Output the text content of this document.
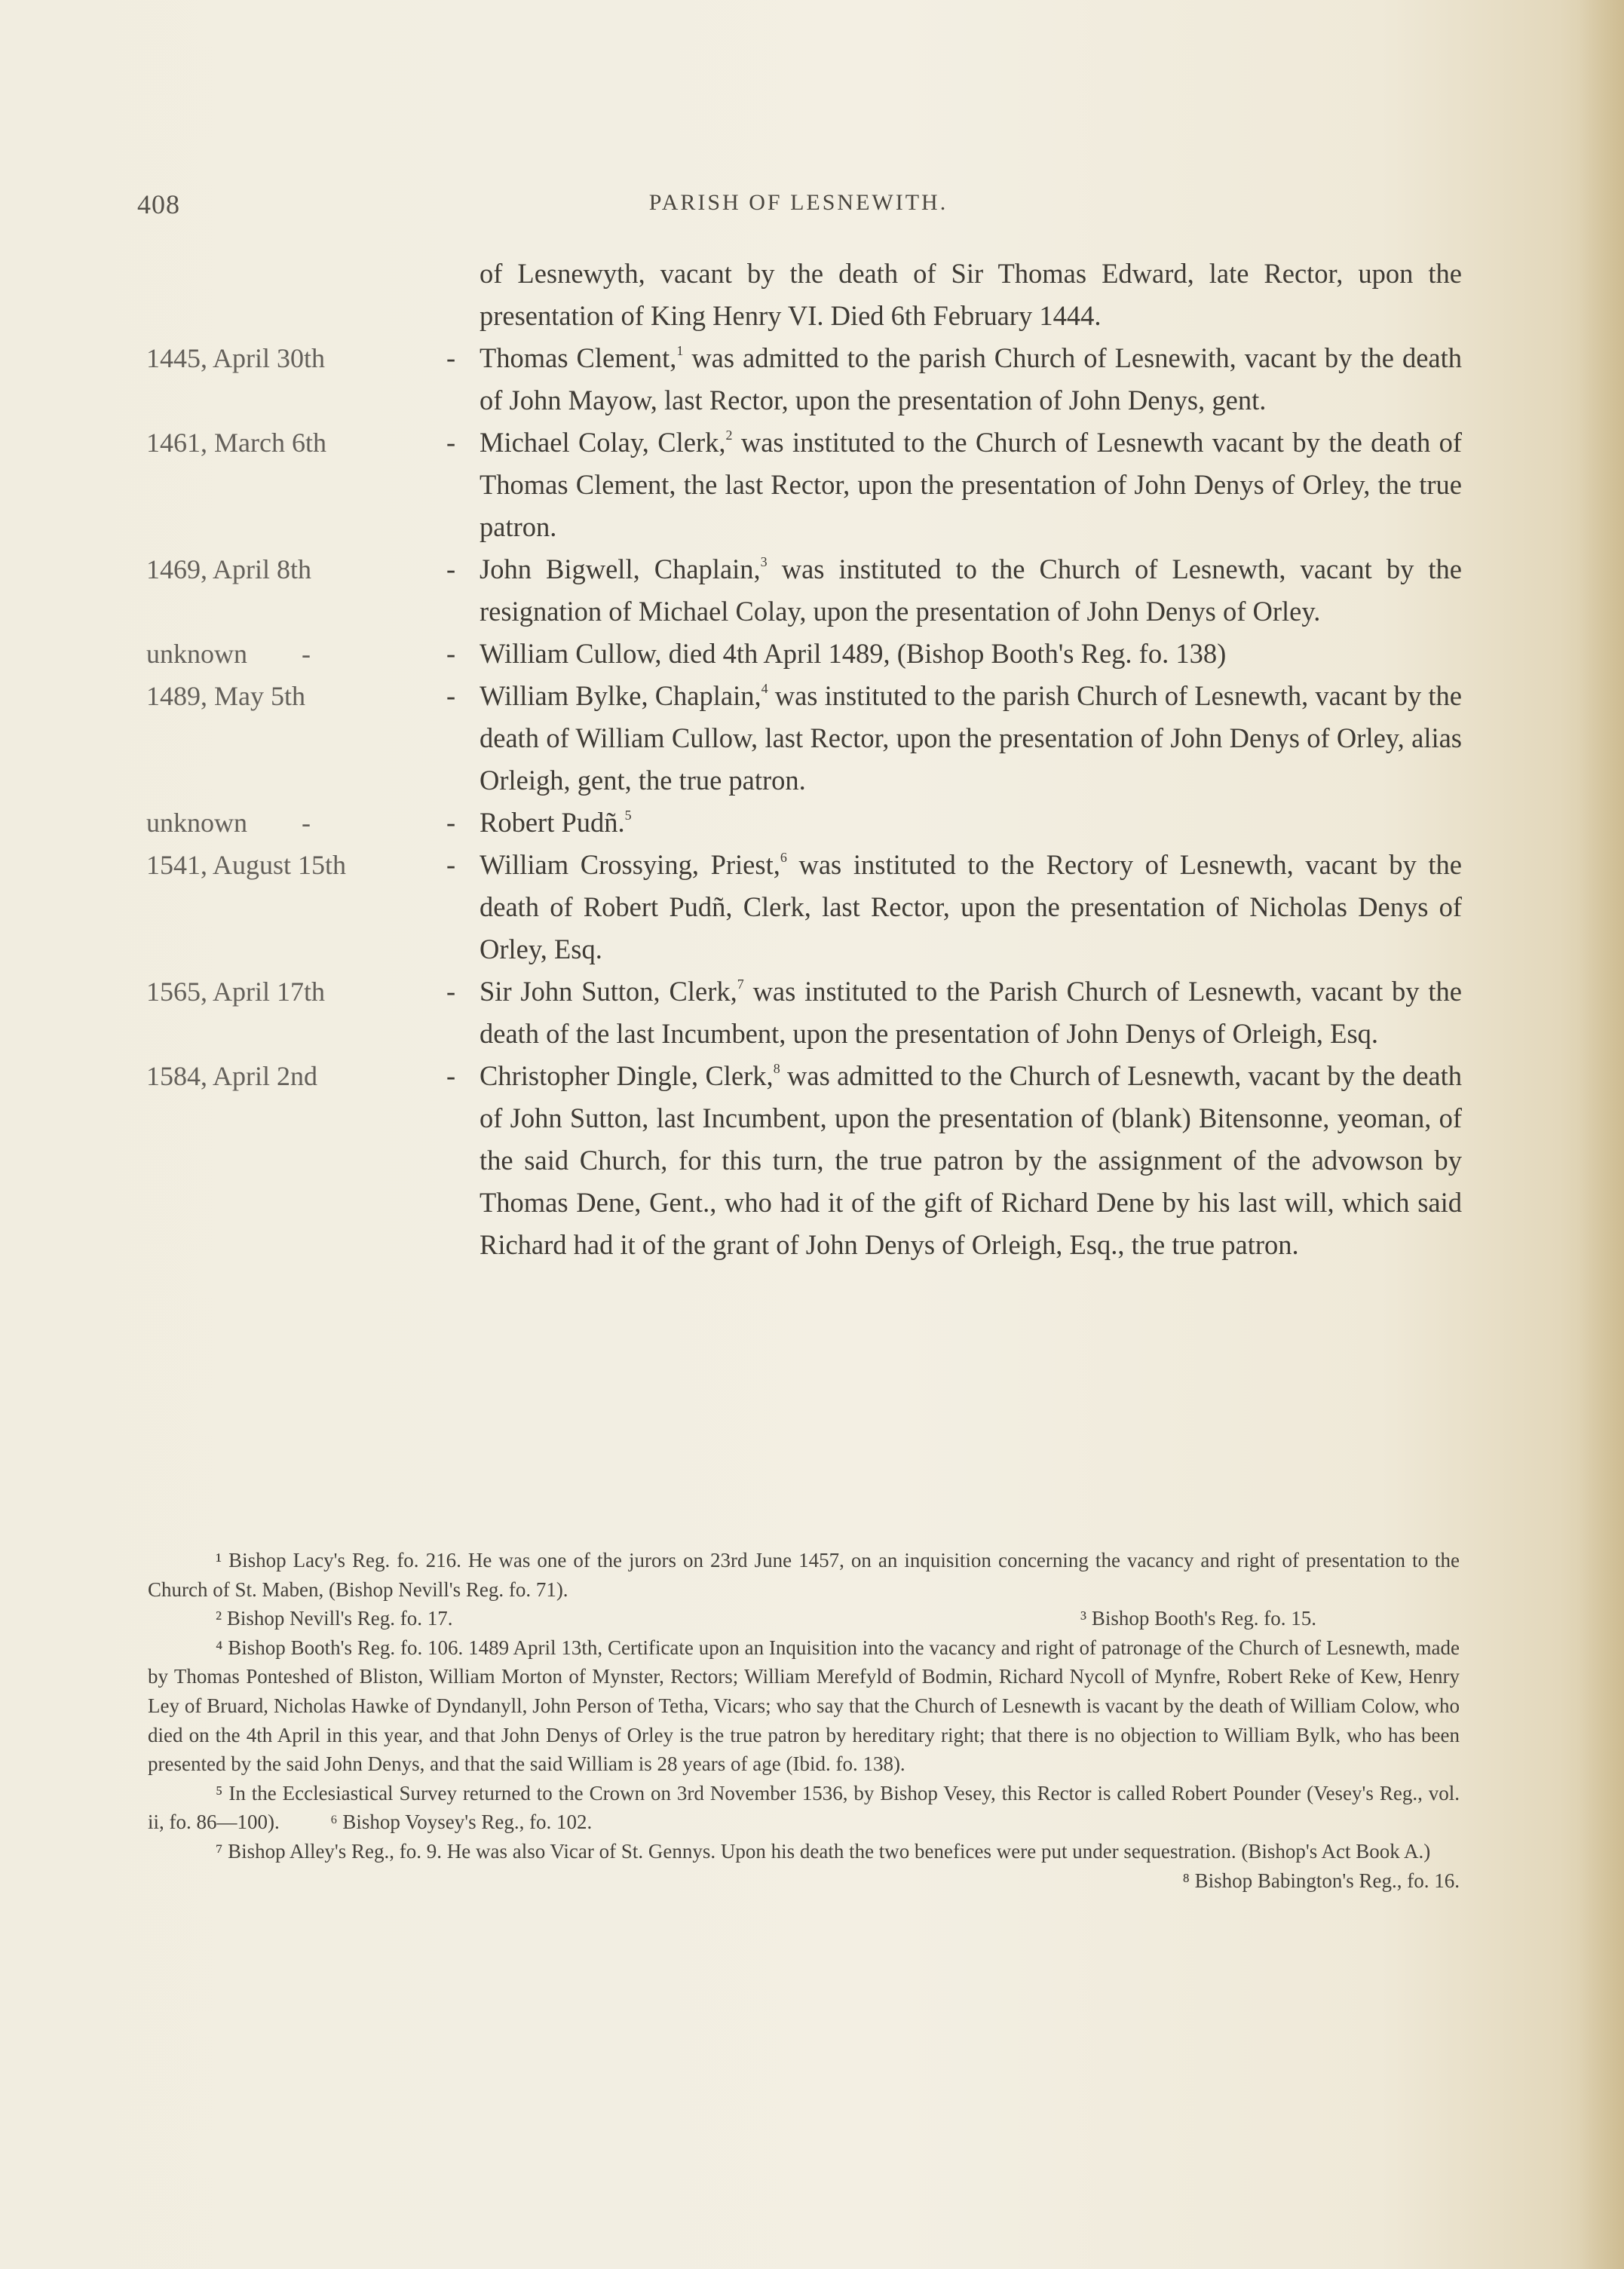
408	PARISH OF LESNEWITH.
of Lesnewyth, vacant by the death of Sir Thomas Edward, late Rector, upon the presentation of King Henry VI. Died 6th February 1444.
1445, April 30th	- Thomas Clement,$^1$ was admitted to the parish Church of Lesnewith, vacant by the death of John Mayow, last Rector, upon the presentation of John Denys, gent.
1461, March 6th	- Michael Colay, Clerk,$^2$ was instituted to the Church of Lesnewth vacant by the death of Thomas Clement, the last Rector, upon the presentation of John Denys of Orley, the true patron.
1469, April 8th	- John Bigwell, Chaplain,$^3$ was instituted to the Church of Lesnewth, vacant by the resignation of Michael Colay, upon the presentation of John Denys of Orley.
unknown        -	- William Cullow, died 4th April 1489, (Bishop Booth's Reg. fo. 138)
1489, May 5th	- William Bylke, Chaplain,$^4$ was instituted to the parish Church of Lesnewth, vacant by the death of William Cullow, last Rector, upon the presentation of John Denys of Orley, alias Orleigh, gent, the true patron.
unknown        -	- Robert Pudñ.$^5$
1541, August 15th	- William Crossying, Priest,$^6$ was instituted to the Rectory of Lesnewth, vacant by the death of Robert Pudñ, Clerk, last Rector, upon the presentation of Nicholas Denys of Orley, Esq.
1565, April 17th	- Sir John Sutton, Clerk,$^7$ was instituted to the Parish Church of Lesnewth, vacant by the death of the last Incumbent, upon the presentation of John Denys of Orleigh, Esq.
1584, April 2nd	- Christopher Dingle, Clerk,$^8$ was admitted to the Church of Lesnewth, vacant by the death of John Sutton, last Incumbent, upon the presentation of (blank) Bitensonne, yeoman, of the said Church, for this turn, the true patron by the assignment of the advowson by Thomas Dene, Gent., who had it of the gift of Richard Dene by his last will, which said Richard had it of the grant of John Denys of Orleigh, Esq., the true patron.

¹ Bishop Lacy's Reg. fo. 216. He was one of the jurors on 23rd June 1457, on an inquisition concerning the vacancy and right of presentation to the Church of St. Maben, (Bishop Nevill's Reg. fo. 71).

² Bishop Nevill's Reg. fo. 17.	³ Bishop Booth's Reg. fo. 15.

⁴ Bishop Booth's Reg. fo. 106. 1489 April 13th, Certificate upon an Inquisition into the vacancy and right of patronage of the Church of Lesnewth, made by Thomas Ponteshed of Bliston, William Morton of Mynster, Rectors; William Merefyld of Bodmin, Richard Nycoll of Mynfre, Robert Reke of Kew, Henry Ley of Bruard, Nicholas Hawke of Dyndanyll, John Person of Tetha, Vicars; who say that the Church of Lesnewth is vacant by the death of William Colow, who died on the 4th April in this year, and that John Denys of Orley is the true patron by hereditary right; that there is no objection to William Bylk, who has been presented by the said John Denys, and that the said William is 28 years of age (Ibid. fo. 138).

⁵ In the Ecclesiastical Survey returned to the Crown on 3rd November 1536, by Bishop Vesey, this Rector is called Robert Pounder (Vesey's Reg., vol. ii, fo. 86—100).	⁶ Bishop Voysey's Reg., fo. 102.

⁷ Bishop Alley's Reg., fo. 9. He was also Vicar of St. Gennys. Upon his death the two benefices were put under sequestration. (Bishop's Act Book A.)
⁸ Bishop Babington's Reg., fo. 16.
